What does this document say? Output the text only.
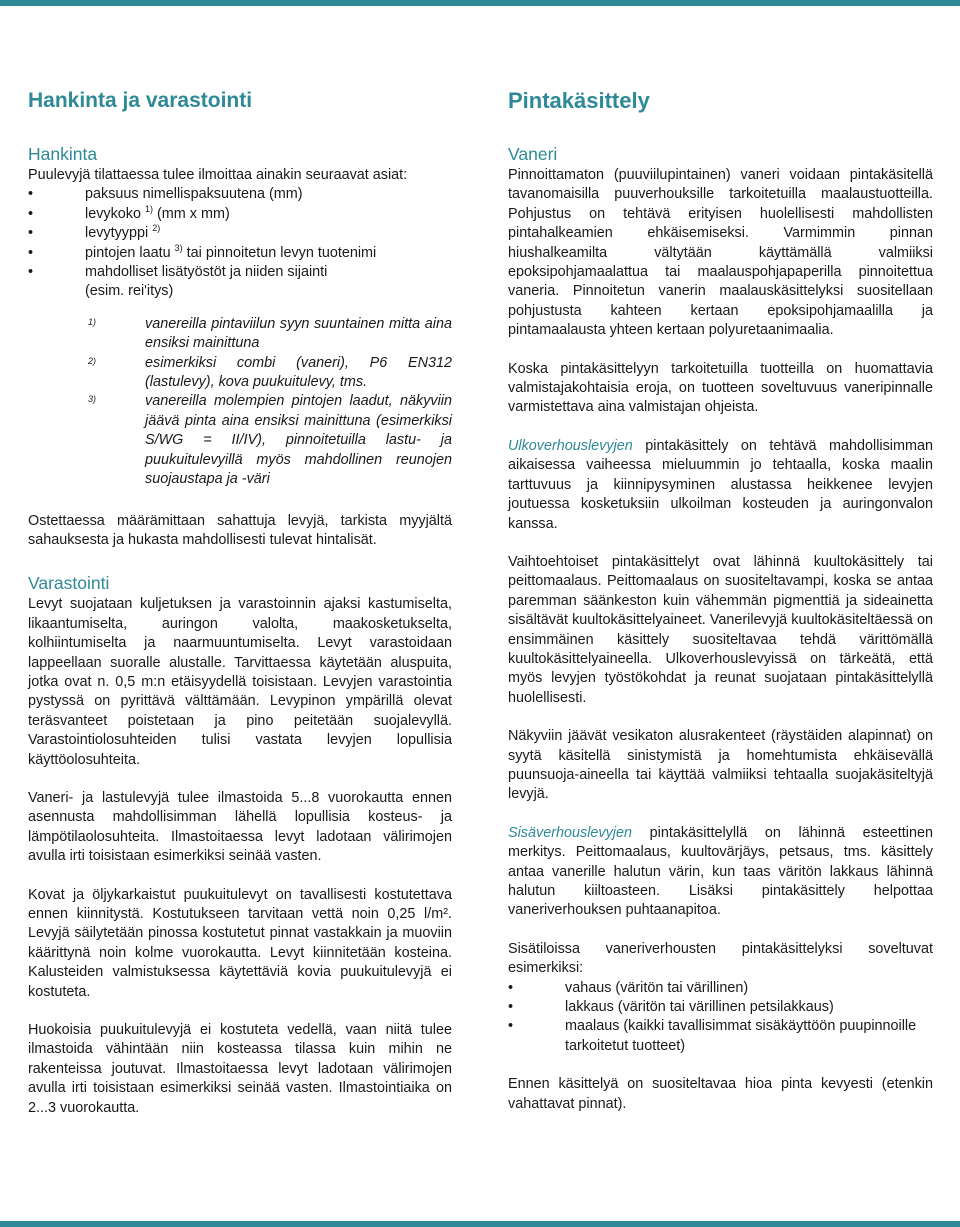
Hankinta ja varastointi
Hankinta

Puulevyjä tilattaessa tulee ilmoittaa ainakin seuraavat asiat:

• paksuus nimellispaksuutena (mm)
• levykoko $^{1)}$ (mm x mm)
• levytyyppi $^{2)}$
• pintojen laatu $^{3)}$ tai pinnoitetun levyn tuotenimi
• mahdolliset lisätyöstöt ja niiden sijainti
(esim. rei'itys)
1)	vanereilla pintaviilun syyn suuntainen mitta aina ensiksi mainittuna
2)	esimerkiksi combi (vaneri), P6 EN312 (lastulevy), kova puukuitulevy, tms.
3)	vanereilla molempien pintojen laadut, näkyviin jäävä pinta aina ensiksi mainittuna (esimerkiksi S/WG = II/IV), pinnoitetuilla lastu- ja puukuitulevyillä myös mahdollinen reunojen suojaustapa ja -väri

Ostettaessa määrämittaan sahattuja levyjä, tarkista myyjältä sahauksesta ja hukasta mahdollisesti tulevat hintalisät.

Varastointi

Levyt suojataan kuljetuksen ja varastoinnin ajaksi kastumiselta, likaantumiselta, auringon valolta, maakosketukselta, kolhiintumiselta ja naarmuuntumiselta. Levyt varastoidaan lappeellaan suoralle alustalle. Tarvittaessa käytetään aluspuita, jotka ovat n. 0,5 m:n etäisyydellä toisistaan. Levyjen varastointia pystyssä on pyrittävä välttämään. Levypinon ympärillä olevat teräsvanteet poistetaan ja pino peitetään suojalevyllä. Varastointiolosuhteiden tulisi vastata levyjen lopullisia käyttöolosuhteita.

Vaneri- ja lastulevyjä tulee ilmastoida 5...8 vuorokautta ennen asennusta mahdollisimman lähellä lopullisia kosteus- ja lämpötilaolosuhteita. Ilmastoitaessa levyt ladotaan välirimojen avulla irti toisistaan esimerkiksi seinää vasten.

Kovat ja öljykarkaistut puukuitulevyt on tavallisesti kostutettava ennen kiinnitystä. Kostutukseen tarvitaan vettä noin 0,25 l/m². Levyjä säilytetään pinossa kostutetut pinnat vastakkain ja muoviin käärittynä noin kolme vuorokautta. Levyt kiinnitetään kosteina. Kalusteiden valmistuksessa käytettäviä kovia puukuitulevyjä ei kostuteta.

Huokoisia puukuitulevyjä ei kostuteta vedellä, vaan niitä tulee ilmastoida vähintään niin kosteassa tilassa kuin mihin ne rakenteissa joutuvat. Ilmastoitaessa levyt ladotaan välirimojen avulla irti toisistaan esimerkiksi seinää vasten. Ilmastointiaika on 2...3 vuorokautta.

Pintakäsittely
Vaneri

Pinnoittamaton (puuviilupintainen) vaneri voidaan pintakäsitellä tavanomaisilla puuverhouksille tarkoitetuilla maalaustuotteilla. Pohjustus on tehtävä erityisen huolellisesti mahdollisten pintahalkeamien ehkäisemiseksi. Varmimmin pinnan hiushalkeamilta vältytään käyttämällä valmiiksi epoksipohjamaalattua tai maalauspohjapaperilla pinnoitettua vaneria. Pinnoitetun vanerin maalauskäsittelyksi suositellaan pohjustusta kahteen kertaan epoksipohjamaalilla ja pintamaalausta yhteen kertaan polyuretaanimaalia.

Koska pintakäsittelyyn tarkoitetuilla tuotteilla on huomattavia valmistajakohtaisia eroja, on tuotteen soveltuvuus vaneripinnalle varmistettava aina valmistajan ohjeista.

Ulkoverhouslevyjen pintakäsittely on tehtävä mahdollisimman aikaisessa vaiheessa mieluummin jo tehtaalla, koska maalin tarttuvuus ja kiinnipysyminen alustassa heikkenee levyjen joutuessa kosketuksiin ulkoilman kosteuden ja auringonvalon kanssa.

Vaihtoehtoiset pintakäsittelyt ovat lähinnä kuultokäsittely tai peittomaalaus. Peittomaalaus on suositeltavampi, koska se antaa paremman säänkeston kuin vähemmän pigmenttiä ja sideainetta sisältävät kuultokäsittelyaineet. Vanerilevyjä kuultokäsiteltäessä on ensimmäinen käsittely suositeltavaa tehdä värittömällä kuultokäsittelyaineella. Ulkoverhouslevyissä on tärkeätä, että myös levyjen työstökohdat ja reunat suojataan pintakäsittelyllä huolellisesti.

Näkyviin jäävät vesikaton alusrakenteet (räystäiden alapinnat) on syytä käsitellä sinistymistä ja homehtumista ehkäisevällä puunsuoja-aineella tai käyttää valmiiksi tehtaalla suojakäsiteltyjä levyjä.

Sisäverhouslevyjen pintakäsittelyllä on lähinnä esteettinen merkitys. Peittomaalaus, kuultovärjäys, petsaus, tms. käsittely antaa vanerille halutun värin, kun taas väritön lakkaus lähinnä halutun kiiltoasteen. Lisäksi pintakäsittely helpottaa vaneriverhouksen puhtaanapitoa.

Sisätiloissa vaneriverhousten pintakäsittelyksi soveltuvat esimerkiksi:

• vahaus (väritön tai värillinen)
• lakkaus (väritön tai värillinen petsilakkaus)
• maalaus (kaikki tavallisimmat sisäkäyttöön puupinnoille tarkoitetut tuotteet)

Ennen käsittelyä on suositeltavaa hioa pinta kevyesti (etenkin vahattavat pinnat).
